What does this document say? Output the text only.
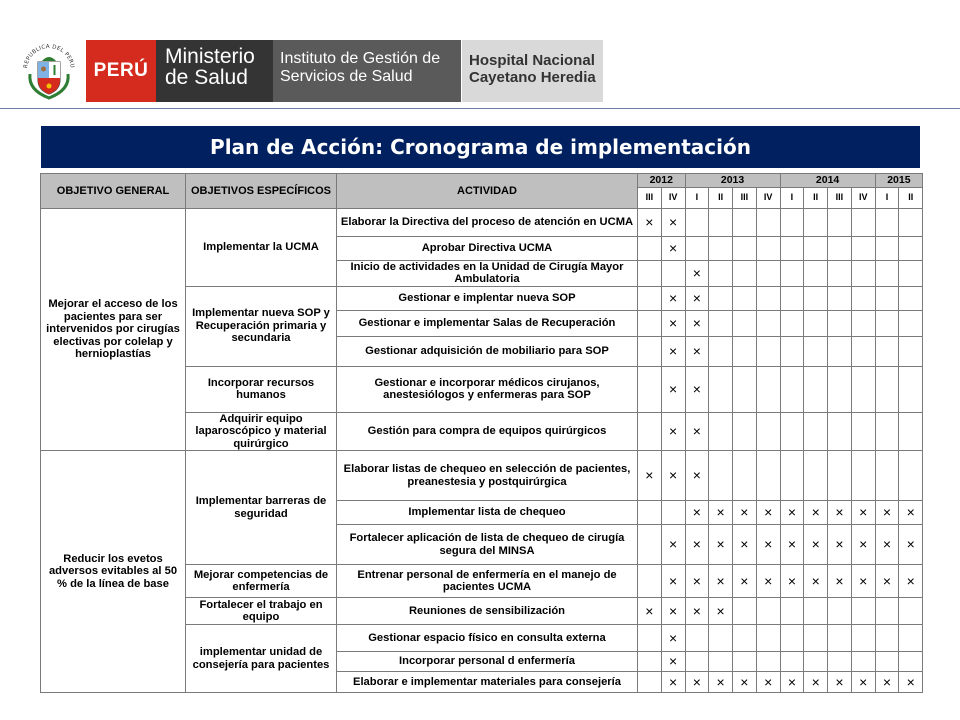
REPUBLICA DEL PERU PERÚ
Ministerio
de Salud
Instituto de Gestión de
Servicios de Salud
Hospital Nacional
Cayetano Heredia
Plan de Acción: Cronograma de implementación
OBJETIVO GENERAL	OBJETIVOS ESPECÍFICOS	ACTIVIDAD	2012		2013				2014				2015	
			III	IV	I	II	III	IV	I	II	III	IV	I	II
Mejorar el acceso de los pacientes para ser intervenidos por cirugías electivas por colelap y hernioplastías	Implementar la UCMA	Elaborar la Directiva del proceso de atención en UCMA	×	×										
		Aprobar Directiva UCMA		×										
		Inicio de actividades en la Unidad de Cirugía Mayor Ambulatoria			×									
	Implementar nueva SOP y Recuperación primaria y secundaria	Gestionar e implentar nueva SOP		×	×									
		Gestionar e implementar Salas de Recuperación		×	×									
		Gestionar adquisición de mobiliario para SOP		×	×									
	Incorporar recursos humanos	Gestionar e incorporar médicos cirujanos, anestesiólogos y enfermeras para SOP		×	×									
	Adquirir equipo laparoscópico y material quirúrgico	Gestión para compra de equipos quirúrgicos		×	×									
Reducir los evetos adversos evitables al 50 % de la línea de base	Implementar barreras de seguridad	Elaborar listas de chequeo en selección de pacientes, preanestesia y postquirúrgica	×	×	×									
		Implementar lista de chequeo			×	×	×	×	×	×	×	×	×	×
		Fortalecer aplicación de lista de chequeo de cirugía segura del MINSA		×	×	×	×	×	×	×	×	×	×	×
	Mejorar competencias de enfermería	Entrenar personal de enfermería en el manejo de pacientes UCMA		×	×	×	×	×	×	×	×	×	×	×
	Fortalecer el trabajo en equipo	Reuniones de sensibilización	×	×	×	×								
	implementar unidad de consejería para pacientes	Gestionar espacio físico en consulta externa		×										
		Incorporar personal d enfermería		×										
		Elaborar e implementar materiales para consejería		×	×	×	×	×	×	×	×	×	×	×
